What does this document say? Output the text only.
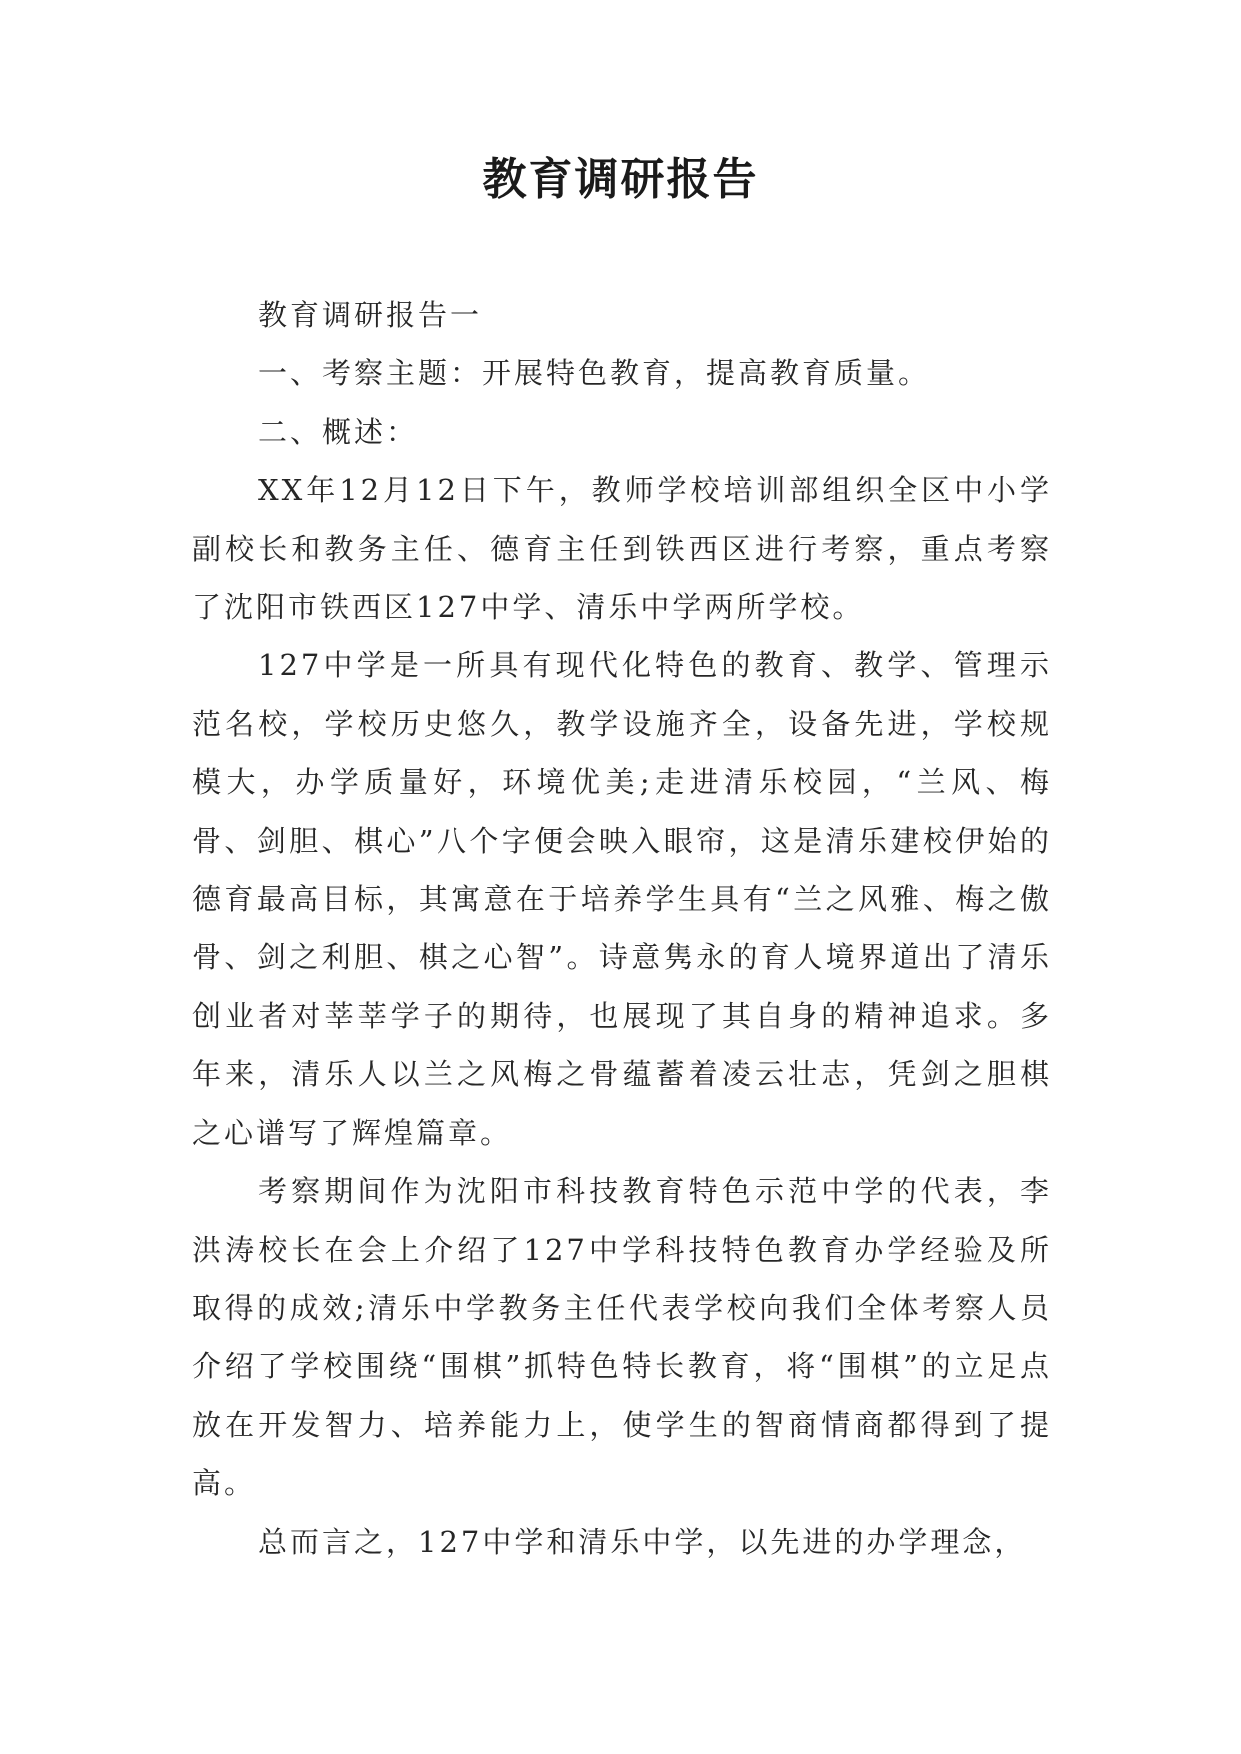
教育调研报告

教育调研报告一

一、考察主题：开展特色教育，提高教育质量。

二、概述：

XX年12月12日下午，教师学校培训部组织全区中小学副校长和教务主任、德育主任到铁西区进行考察，重点考察了沈阳市铁西区127中学、清乐中学两所学校。

127中学是一所具有现代化特色的教育、教学、管理示范名校，学校历史悠久，教学设施齐全，设备先进，学校规模大，办学质量好，环境优美;走进清乐校园，“兰风、梅骨、剑胆、棋心”八个字便会映入眼帘，这是清乐建校伊始的德育最高目标，其寓意在于培养学生具有“兰之风雅、梅之傲骨、剑之利胆、棋之心智”。诗意隽永的育人境界道出了清乐创业者对莘莘学子的期待，也展现了其自身的精神追求。多年来，清乐人以兰之风梅之骨蕴蓄着凌云壮志，凭剑之胆棋之心谱写了辉煌篇章。

考察期间作为沈阳市科技教育特色示范中学的代表，李洪涛校长在会上介绍了127中学科技特色教育办学经验及所取得的成效;清乐中学教务主任代表学校向我们全体考察人员介绍了学校围绕“围棋”抓特色特长教育，将“围棋”的立足点放在开发智力、培养能力上，使学生的智商情商都得到了提高。

总而言之，127中学和清乐中学，以先进的办学理念，
